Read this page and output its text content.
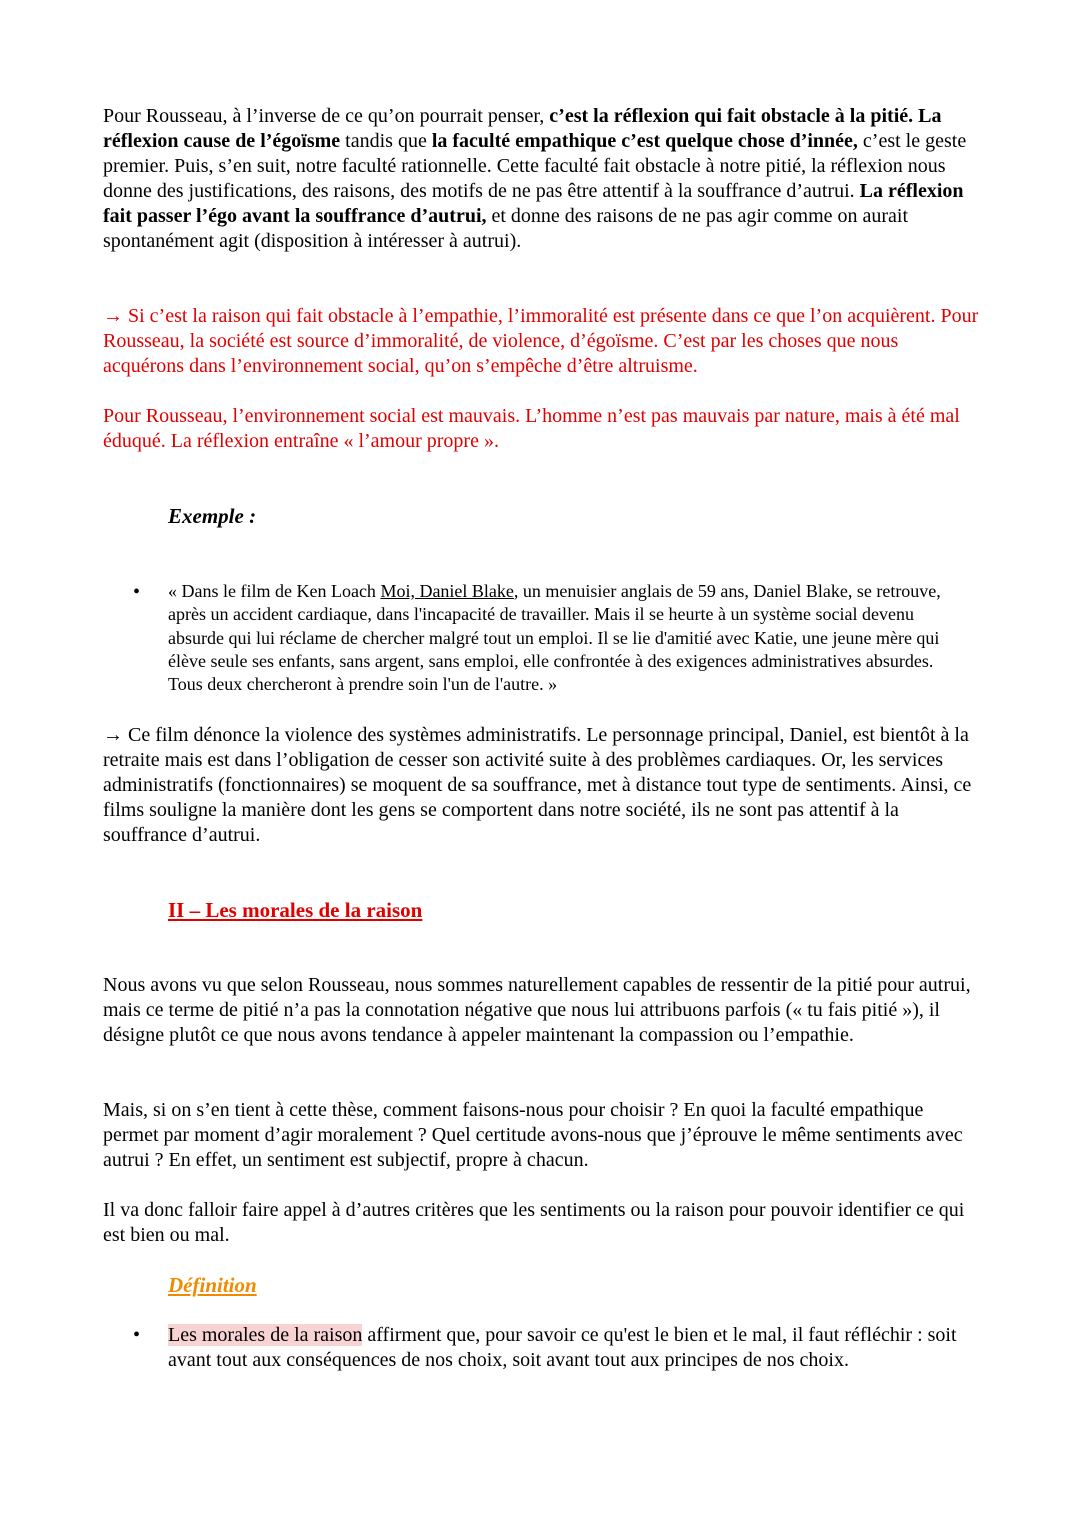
Pour Rousseau, à l’inverse de ce qu’on pourrait penser, c’est la réflexion qui fait obstacle à la pitié. La réflexion cause de l’égoïsme tandis que la faculté empathique c’est quelque chose d’innée, c’est le geste premier. Puis, s’en suit, notre faculté rationnelle. Cette faculté fait obstacle à notre pitié, la réflexion nous donne des justifications, des raisons, des motifs de ne pas être attentif à la souffrance d’autrui. La réflexion fait passer l’égo avant la souffrance d’autrui, et donne des raisons de ne pas agir comme on aurait spontanément agit (disposition à intéresser à autrui).

→ Si c’est la raison qui fait obstacle à l’empathie, l’immoralité est présente dans ce que l’on acquièrent. Pour Rousseau, la société est source d’immoralité, de violence, d’égoïsme. C’est par les choses que nous acquérons dans l’environnement social, qu’on s’empêche d’être altruisme.

Pour Rousseau, l’environnement social est mauvais. L’homme n’est pas mauvais par nature, mais à été mal éduqué. La réflexion entraîne « l’amour propre ».

Exemple :
• « Dans le film de Ken Loach Moi, Daniel Blake, un menuisier anglais de 59 ans, Daniel Blake, se retrouve, après un accident cardiaque, dans l'incapacité de travailler. Mais il se heurte à un système social devenu absurde qui lui réclame de chercher malgré tout un emploi. Il se lie d'amitié avec Katie, une jeune mère qui élève seule ses enfants, sans argent, sans emploi, elle confrontée à des exigences administratives absurdes. Tous deux chercheront à prendre soin l'un de l'autre. »

→ Ce film dénonce la violence des systèmes administratifs. Le personnage principal, Daniel, est bientôt à la retraite mais est dans l’obligation de cesser son activité suite à des problèmes cardiaques. Or, les services administratifs (fonctionnaires) se moquent de sa souffrance, met à distance tout type de sentiments. Ainsi, ce films souligne la manière dont les gens se comportent dans notre société, ils ne sont pas attentif à la souffrance d’autrui.

II – Les morales de la raison

Nous avons vu que selon Rousseau, nous sommes naturellement capables de ressentir de la pitié pour autrui, mais ce terme de pitié n’a pas la connotation négative que nous lui attribuons parfois (« tu fais pitié »), il désigne plutôt ce que nous avons tendance à appeler maintenant la compassion ou l’empathie.

Mais, si on s’en tient à cette thèse, comment faisons-nous pour choisir ? En quoi la faculté empathique permet par moment d’agir moralement ? Quel certitude avons-nous que j’éprouve le même sentiments avec autrui ? En effet, un sentiment est subjectif, propre à chacun.

Il va donc falloir faire appel à d’autres critères que les sentiments ou la raison pour pouvoir identifier ce qui est bien ou mal.

Définition
• Les morales de la raison affirment que, pour savoir ce qu'est le bien et le mal, il faut réfléchir : soit avant tout aux conséquences de nos choix, soit avant tout aux principes de nos choix.
